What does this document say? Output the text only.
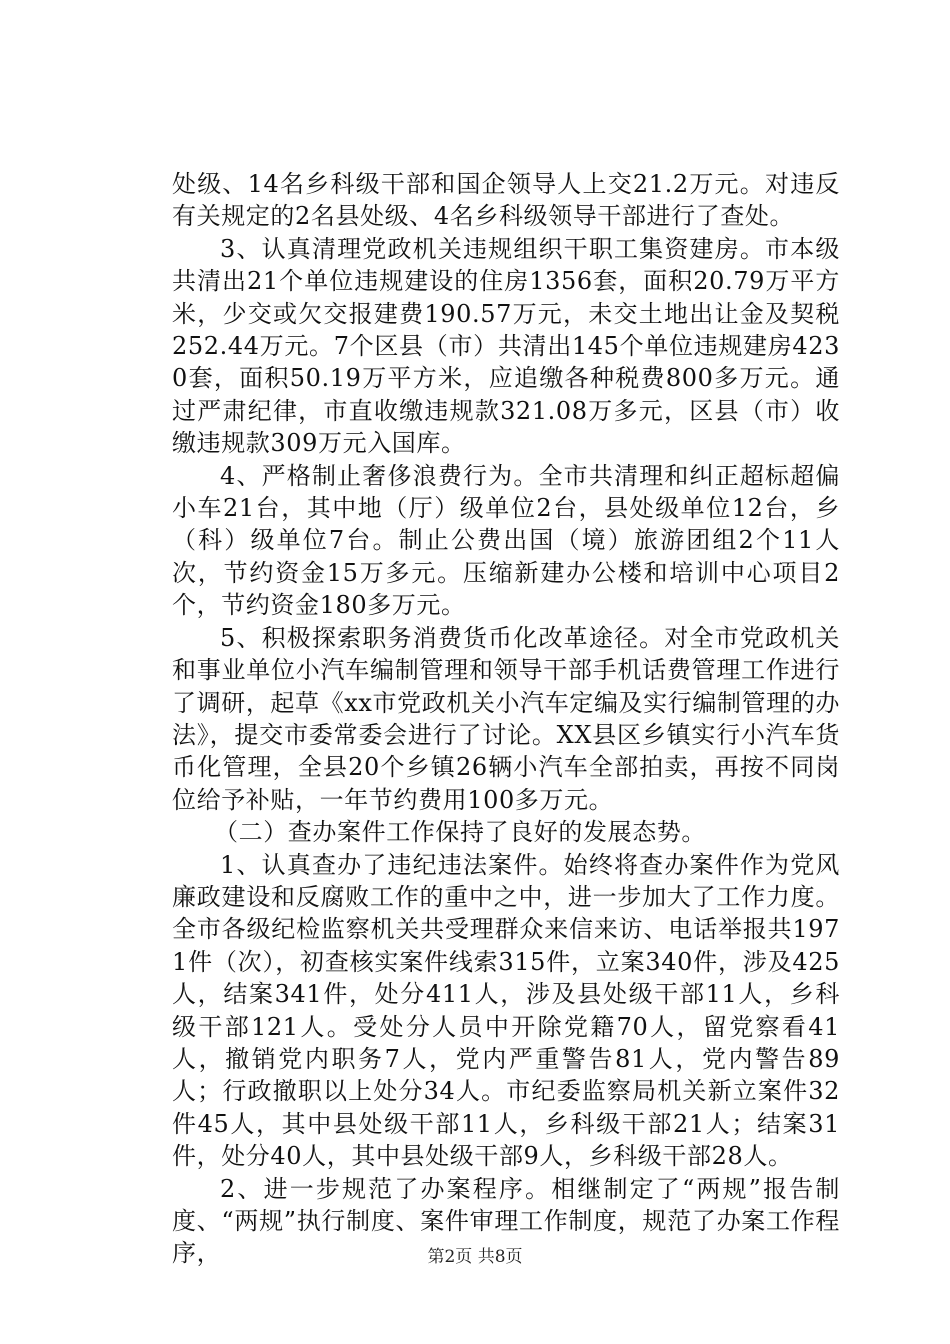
处级、14名乡科级干部和国企领导人上交21.2万元。对违反有关规定的2名县处级、4名乡科级领导干部进行了查处。

3、认真清理党政机关违规组织干职工集资建房。市本级共清出21个单位违规建设的住房1356套，面积20.79万平方米，少交或欠交报建费190.57万元，未交土地出让金及契税252.44万元。7个区县（市）共清出145个单位违规建房4230套，面积50.19万平方米，应追缴各种税费800多万元。通过严肃纪律，市直收缴违规款321.08万多元，区县（市）收缴违规款309万元入国库。

4、严格制止奢侈浪费行为。全市共清理和纠正超标超偏小车21台，其中地（厅）级单位2台，县处级单位12台，乡（科）级单位7台。制止公费出国（境）旅游团组2个11人次，节约资金15万多元。压缩新建办公楼和培训中心项目2个，节约资金180多万元。

5、积极探索职务消费货币化改革途径。对全市党政机关和事业单位小汽车编制管理和领导干部手机话费管理工作进行了调研，起草《xx市党政机关小汽车定编及实行编制管理的办法》，提交市委常委会进行了讨论。XX县区乡镇实行小汽车货币化管理，全县20个乡镇26辆小汽车全部拍卖，再按不同岗位给予补贴，一年节约费用100多万元。

（二）查办案件工作保持了良好的发展态势。

1、认真查办了违纪违法案件。始终将查办案件作为党风廉政建设和反腐败工作的重中之中，进一步加大了工作力度。全市各级纪检监察机关共受理群众来信来访、电话举报共1971件（次），初查核实案件线索315件，立案340件，涉及425人，结案341件，处分411人，涉及县处级干部11人，乡科级干部121人。受处分人员中开除党籍70人，留党察看41人，撤销党内职务7人，党内严重警告81人，党内警告89人；行政撤职以上处分34人。市纪委监察局机关新立案件32件45人，其中县处级干部11人，乡科级干部21人；结案31件，处分40人，其中县处级干部9人，乡科级干部28人。

2、进一步规范了办案程序。相继制定了“两规”报告制度、“两规”执行制度、案件审理工作制度，规范了办案工作程序，	第2页 共8页
